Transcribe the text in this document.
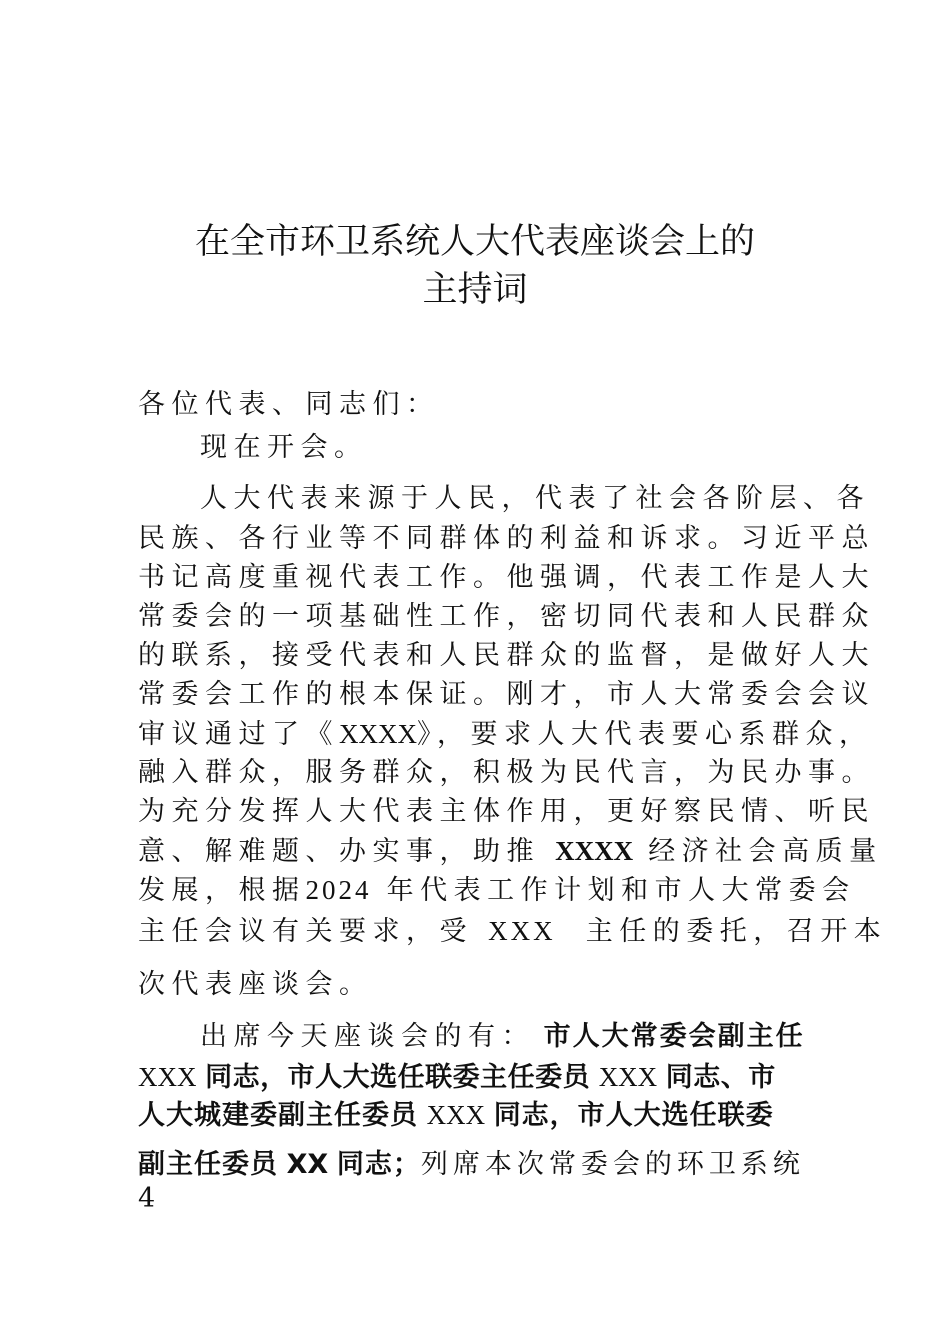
在全市环卫系统人大代表座谈会上的
主持词
各位代表、同志们：
现在开会。
人大代表来源于人民，代表了社会各阶层、各
民族、各行业等不同群体的利益和诉求。习近平总
书记高度重视代表工作。他强调，代表工作是人大
常委会的一项基础性工作，密切同代表和人民群众
的联系，接受代表和人民群众的监督，是做好人大
常委会工作的根本保证。刚才，市人大常委会会议
审议通过了《XXXX》，要求人大代表要心系群众，
融入群众，服务群众，积极为民代言，为民办事。
为充分发挥人大代表主体作用，更好察民情、听民
意、解难题、办实事，助推 XXXX 经济社会高质量
发展，根据2024 年代表工作计划和市人大常委会
主任会议有关要求，受 XXX 主任的委托，召开本
次代表座谈会。
出席今天座谈会的有： 市人大常委会副主任
XXX 同志，市人大选任联委主任委员 XXX 同志、市
人大城建委副主任委员 XXX 同志，市人大选任联委
副主任委员 XX 同志；列席本次常委会的环卫系统
4
